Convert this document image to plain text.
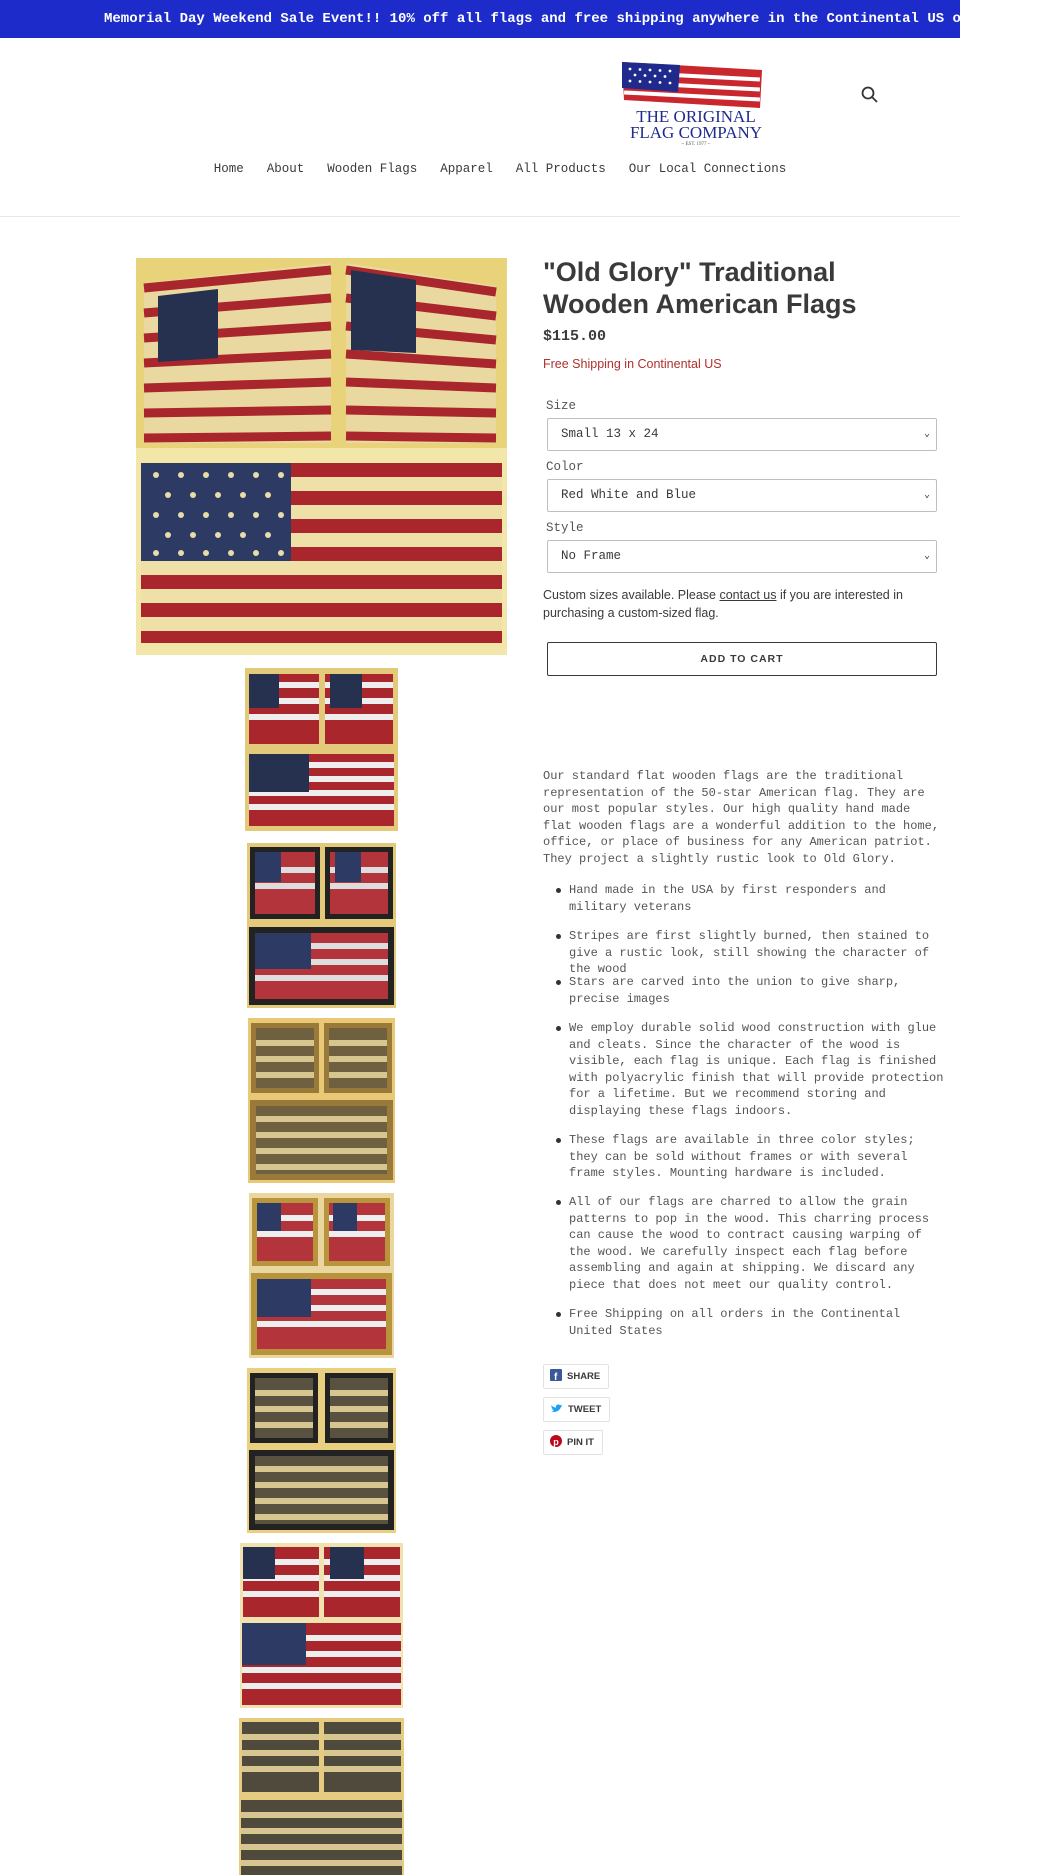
Memorial Day Weekend Sale Event!! 10% off all flags and free shipping anywhere in the Continental US on flat flags
THE ORIGINAL
FLAG COMPANY
~ EST. 1977 ~
Home About Wooden Flags Apparel All Products Our Local Connections
"Old Glory" Traditional Wooden American Flags
$115.00
Free Shipping in Continental US
Size
Small 13 x 24	⌄
Color
Red White and Blue	⌄
Style
No Frame	⌄

Custom sizes available. Please contact us if you are interested in purchasing a custom-sized flag.

ADD TO CART

Our standard flat wooden flags are the traditional representation of the 50-star American flag. They are our most popular styles. Our high quality hand made flat wooden flags are a wonderful addition to the home, office, or place of business for any American patriot. They project a slightly rustic look to Old Glory.

Hand made in the USA by first responders and military veterans
Stripes are first slightly burned, then stained to give a rustic look, still showing the character of the wood
Stars are carved into the union to give sharp, precise images
We employ durable solid wood construction with glue and cleats. Since the character of the wood is visible, each flag is unique. Each flag is finished with polyacrylic finish that will provide protection for a lifetime. But we recommend storing and displaying these flags indoors.
These flags are available in three color styles; they can be sold without frames or with several frame styles. Mounting hardware is included.
All of our flags are charred to allow the grain patterns to pop in the wood. This charring process can cause the wood to contract causing warping of the wood. We carefully inspect each flag before assembling and again at shipping. We discard any piece that does not meet our quality control.
Free Shipping on all orders in the Continental United States
f SHARE
TWEET
p PIN IT
